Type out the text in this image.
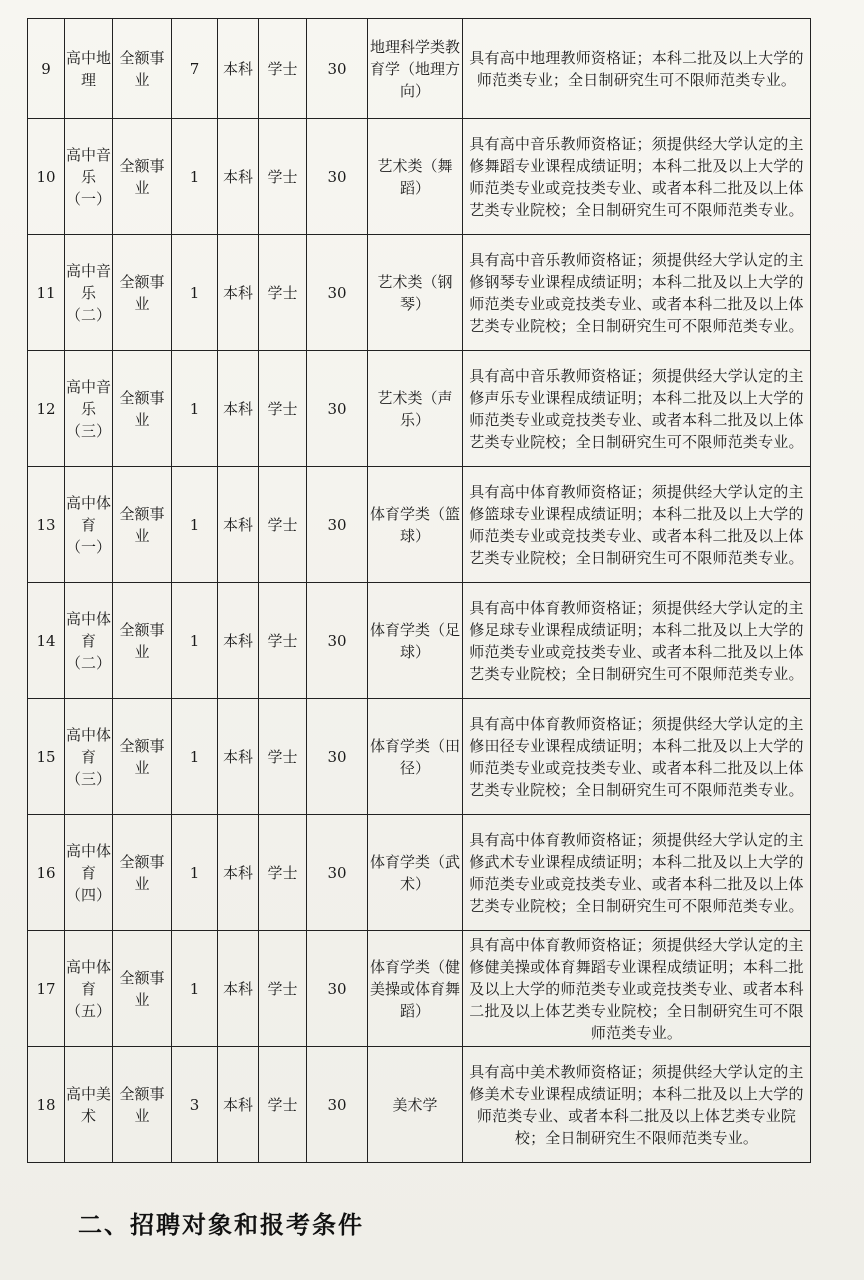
9	高中地理	全额事业	7	本科	学士	30	地理科学类教育学（地理方向）	具有高中地理教师资格证；本科二批及以上大学的师范类专业；全日制研究生可不限师范类专业。
10	高中音乐（一）	全额事业	1	本科	学士	30	艺术类（舞蹈）	具有高中音乐教师资格证；须提供经大学认定的主修舞蹈专业课程成绩证明；本科二批及以上大学的师范类专业或竞技类专业、或者本科二批及以上体艺类专业院校；全日制研究生可不限师范类专业。
11	高中音乐（二）	全额事业	1	本科	学士	30	艺术类（钢琴）	具有高中音乐教师资格证；须提供经大学认定的主修钢琴专业课程成绩证明；本科二批及以上大学的师范类专业或竞技类专业、或者本科二批及以上体艺类专业院校；全日制研究生可不限师范类专业。
12	高中音乐（三）	全额事业	1	本科	学士	30	艺术类（声乐）	具有高中音乐教师资格证；须提供经大学认定的主修声乐专业课程成绩证明；本科二批及以上大学的师范类专业或竞技类专业、或者本科二批及以上体艺类专业院校；全日制研究生可不限师范类专业。
13	高中体育（一）	全额事业	1	本科	学士	30	体育学类（篮球）	具有高中体育教师资格证；须提供经大学认定的主修篮球专业课程成绩证明；本科二批及以上大学的师范类专业或竞技类专业、或者本科二批及以上体艺类专业院校；全日制研究生可不限师范类专业。
14	高中体育（二）	全额事业	1	本科	学士	30	体育学类（足球）	具有高中体育教师资格证；须提供经大学认定的主修足球专业课程成绩证明；本科二批及以上大学的师范类专业或竞技类专业、或者本科二批及以上体艺类专业院校；全日制研究生可不限师范类专业。
15	高中体育（三）	全额事业	1	本科	学士	30	体育学类（田径）	具有高中体育教师资格证；须提供经大学认定的主修田径专业课程成绩证明；本科二批及以上大学的师范类专业或竞技类专业、或者本科二批及以上体艺类专业院校；全日制研究生可不限师范类专业。
16	高中体育（四）	全额事业	1	本科	学士	30	体育学类（武术）	具有高中体育教师资格证；须提供经大学认定的主修武术专业课程成绩证明；本科二批及以上大学的师范类专业或竞技类专业、或者本科二批及以上体艺类专业院校；全日制研究生可不限师范类专业。
17	高中体育（五）	全额事业	1	本科	学士	30	体育学类（健美操或体育舞蹈）	具有高中体育教师资格证；须提供经大学认定的主修健美操或体育舞蹈专业课程成绩证明；本科二批及以上大学的师范类专业或竞技类专业、或者本科二批及以上体艺类专业院校；全日制研究生可不限师范类专业。
18	高中美术	全额事业	3	本科	学士	30	美术学	具有高中美术教师资格证；须提供经大学认定的主修美术专业课程成绩证明；本科二批及以上大学的师范类专业、或者本科二批及以上体艺类专业院校；全日制研究生不限师范类专业。
二、招聘对象和报考条件
